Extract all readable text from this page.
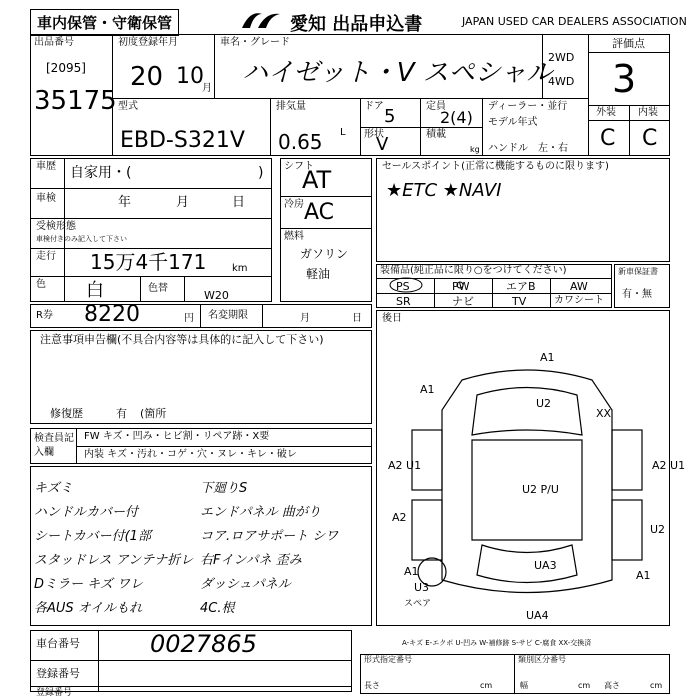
車内保管・守衛保管	愛知 出品申込書	JAPAN USED CAR DEALERS ASSOCIATION
出品番号
[2095]
35175
初度登録年月
20 10
月
車名・グレード
ハイゼット・V スペシャル
2WD
4WD
評価点
3
外装 内装
C C
型式
EBD-S321V
排気量
0.65 L
ドア 5
形状
V
定員
2(4)
積載
kg
ディーラー・並行
モデル年式
ハンドル 左・右
車歴 自家用・(	)
車検	年	月	日
受検形態
車検付きのみ記入して下さい
走行 15万4千171	km
色 白	色替
W20
シフト
AT
冷房 AC
燃料
ガソリン
軽油
セールスポイント(正常に機能するものに限ります)
★ETC ★NAVI
装備品(純正品に限り○をつけてください)
PS	PW	エアB	AW
SR	ナビ	TV	カワシート
新車保証書
有・無
R券 8220	円 名変期限	月	日 後日
注意事項申告欄(不具合内容等は具体的に記入して下さい)
修復歴	有 (箇所
検査員記入欄
FW キズ・凹み・ヒビ割・リペア跡・X要
内装 キズ・汚れ・コゲ・穴・ヌレ・キレ・破レ
キズミ
ハンドルカバー付
シートカバー付(1部
スタッドレス アンテナ折レ
Dミラー キズ ワレ
各AUS オイルもれ
下廻りS
エンドパネル 曲がり
コア.ロアサポート シワ
右Fインパネ 歪み
ダッシュパネル
4C.根
車台番号	0027865
登録番号
登録番号
形式指定番号	類別区分番号
長さ	cm	幅	cm 高さ	cm
A1
A1
U2
XX
A2 U1	A2 U1
U2 P/U
A2
U2
UA3
A1
A1
U3
UA4
スペア
A-キズ E-エクボ U-凹み W-補修跡 S-サビ C-腐食 XX-交換済
